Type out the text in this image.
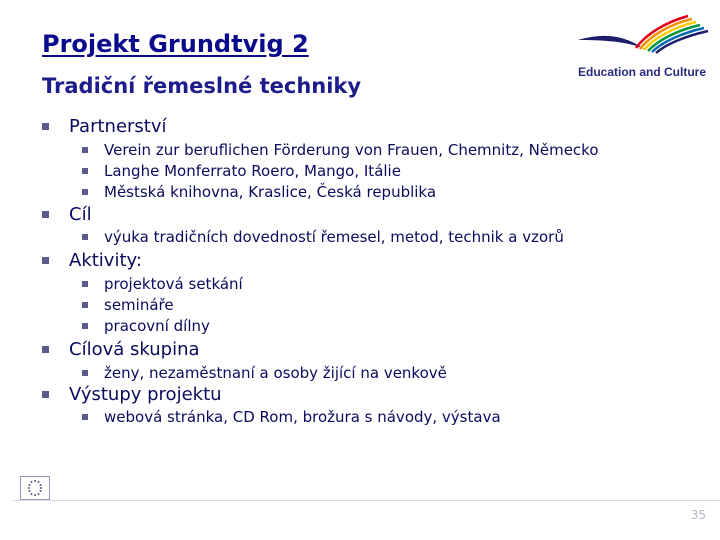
Projekt Grundtvig 2
Tradiční řemeslné techniky
Education and Culture
Partnerství
Verein zur beruflichen Förderung von Frauen, Chemnitz, Německo
Langhe Monferrato Roero, Mango, Itálie
Městská knihovna, Kraslice, Česká republika
Cíl
výuka tradičních dovedností řemesel, metod, technik a vzorů
Aktivity:
projektová setkání
semináře
pracovní dílny
Cílová skupina
ženy, nezaměstnaní a osoby žijící na venkově
Výstupy projektu
webová stránka, CD Rom, brožura s návody, výstava
35
